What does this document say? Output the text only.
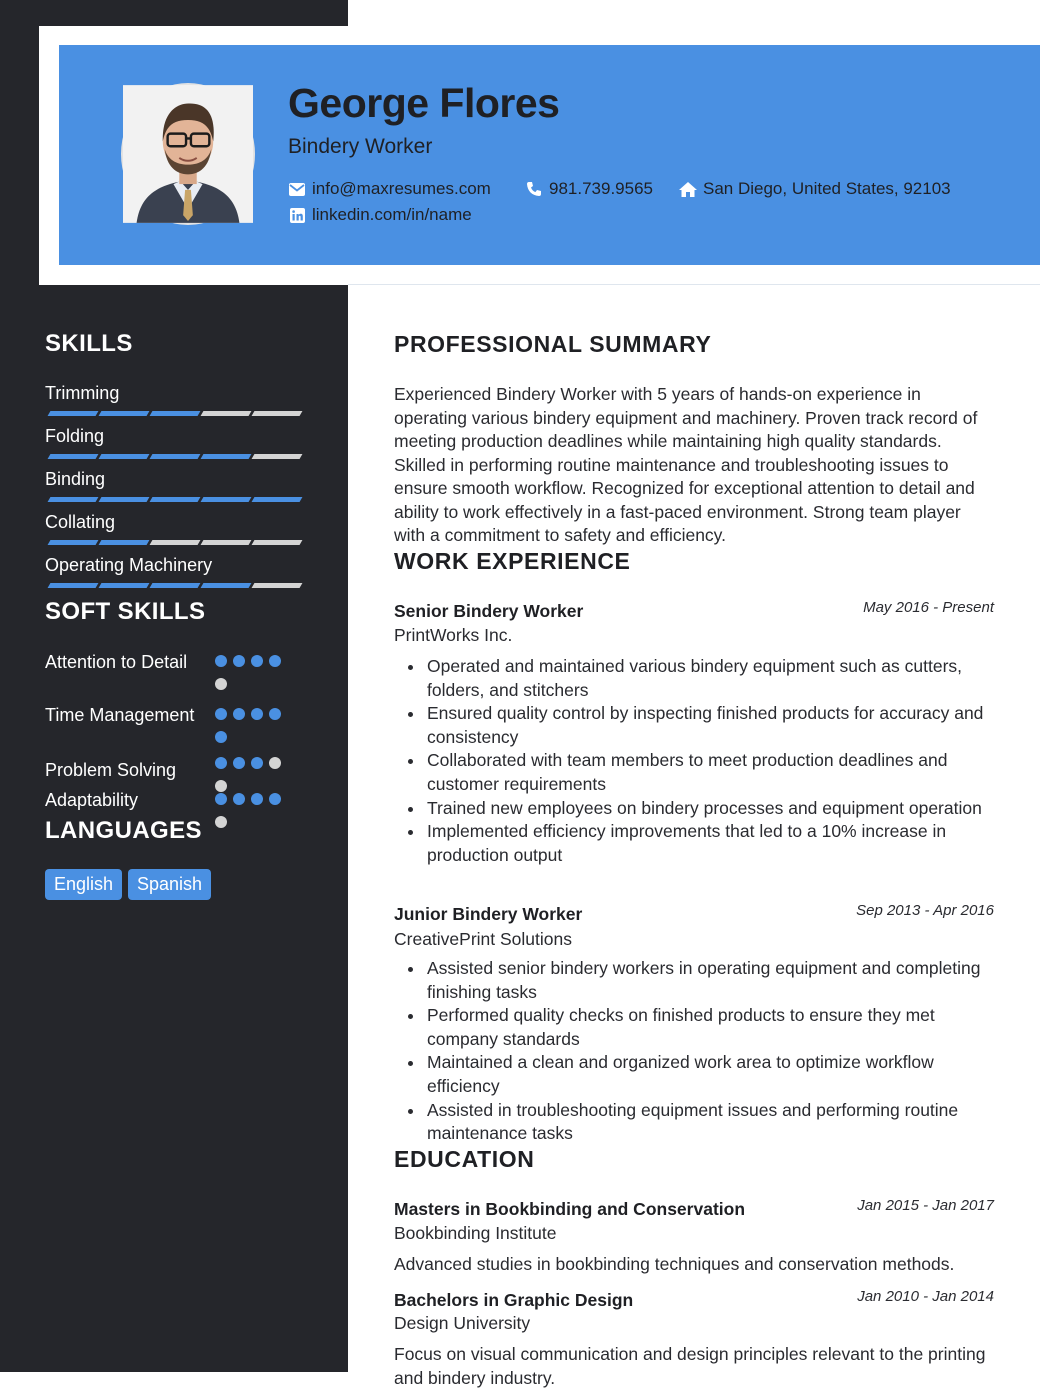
George Flores
Bindery Worker
info@maxresumes.com	981.739.9565	San Diego, United States, 92103
linkedin.com/in/name
SKILLS
Trimming
Folding
Binding
Collating
Operating Machinery
SOFT SKILLS
Attention to Detail
Time Management
Problem Solving
Adaptability
LANGUAGES
English	Spanish
PROFESSIONAL SUMMARY
Experienced Bindery Worker with 5 years of hands-on experience in operating various bindery equipment and machinery. Proven track record of meeting production deadlines while maintaining high quality standards. Skilled in performing routine maintenance and troubleshooting issues to ensure smooth workflow. Recognized for exceptional attention to detail and ability to work effectively in a fast-paced environment. Strong team player with a commitment to safety and efficiency.
WORK EXPERIENCE
Senior Bindery Worker	May 2016 - Present
PrintWorks Inc.
Operated and maintained various bindery equipment such as cutters, folders, and stitchers
Ensured quality control by inspecting finished products for accuracy and consistency
Collaborated with team members to meet production deadlines and customer requirements
Trained new employees on bindery processes and equipment operation
Implemented efficiency improvements that led to a 10% increase in production output
Junior Bindery Worker	Sep 2013 - Apr 2016
CreativePrint Solutions
Assisted senior bindery workers in operating equipment and completing finishing tasks
Performed quality checks on finished products to ensure they met company standards
Maintained a clean and organized work area to optimize workflow efficiency
Assisted in troubleshooting equipment issues and performing routine maintenance tasks
EDUCATION
Masters in Bookbinding and Conservation	Jan 2015 - Jan 2017
Bookbinding Institute
Advanced studies in bookbinding techniques and conservation methods.
Bachelors in Graphic Design	Jan 2010 - Jan 2014
Design University
Focus on visual communication and design principles relevant to the printing and bindery industry.
